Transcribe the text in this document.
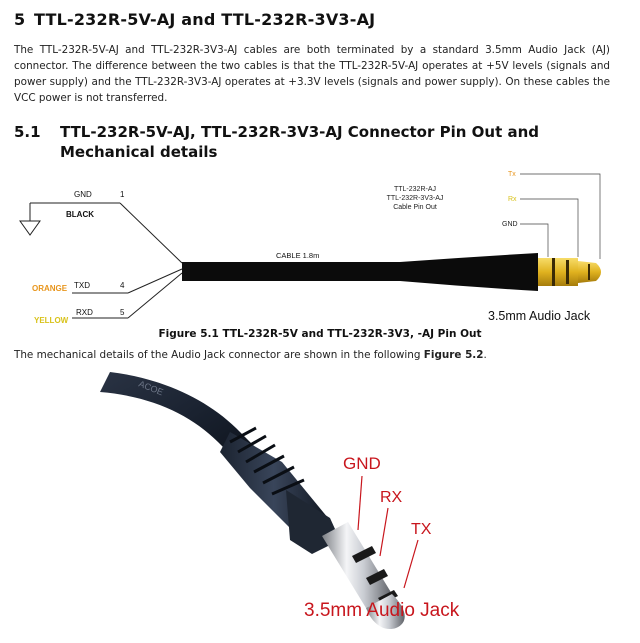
5 TTL-232R-5V-AJ and TTL-232R-3V3-AJ

The TTL-232R-5V-AJ and TTL-232R-3V3-AJ cables are both terminated by a standard 3.5mm Audio Jack (AJ) connector. The difference between the two cables is that the TTL-232R-5V-AJ operates at +5V levels (signals and power supply) and the TTL-232R-3V3-AJ operates at +3.3V levels (signals and power supply). On these cables the VCC power is not transferred.

5.1 TTL-232R-5V-AJ, TTL-232R-3V3-AJ Connector Pin Out and
Mechanical details
GND	1
BLACK
ORANGE TXD	4
YELLOW
RXD	5
CABLE 1.8m
TTL-232R-AJ
TTL-232R-3V3-AJ
Cable Pin Out
Tx
Rx
GND
3.5mm Audio Jack

Figure 5.1 TTL-232R-5V and TTL-232R-3V3, -AJ Pin Out

The mechanical details of the Audio Jack connector are shown in the following Figure 5.2.

ACOE
GND
RX
TX
3.5mm Audio Jack
